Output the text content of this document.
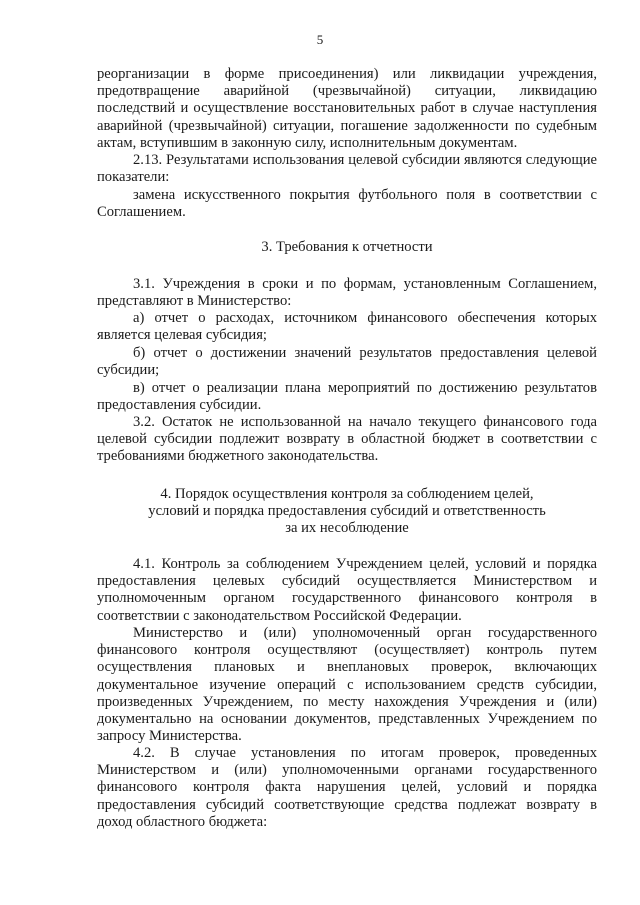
5

реорганизации в форме присоединения) или ликвидации учреждения, предотвращение аварийной (чрезвычайной) ситуации, ликвидацию последствий и осуществление восстановительных работ в случае наступления аварийной (чрезвычайной) ситуации, погашение задолженности по судебным актам, вступившим в законную силу, исполнительным документам.

2.13. Результатами использования целевой субсидии являются следующие показатели:

замена искусственного покрытия футбольного поля в соответствии с Соглашением.

3. Требования к отчетности

3.1. Учреждения в сроки и по формам, установленным Соглашением, представляют в Министерство:

а) отчет о расходах, источником финансового обеспечения которых является целевая субсидия;

б) отчет о достижении значений результатов предоставления целевой субсидии;

в) отчет о реализации плана мероприятий по достижению результатов предоставления субсидии.

3.2. Остаток не использованной на начало текущего финансового года целевой субсидии подлежит возврату в областной бюджет в соответствии с требованиями бюджетного законодательства.

4. Порядок осуществления контроля за соблюдением целей,

условий и порядка предоставления субсидий и ответственность

за их несоблюдение

4.1. Контроль за соблюдением Учреждением целей, условий и порядка предоставления целевых субсидий осуществляется Министерством и уполномоченным органом государственного финансового контроля в соответствии с законодательством Российской Федерации.

Министерство и (или) уполномоченный орган государственного финансового контроля осуществляют (осуществляет) контроль путем осуществления плановых и внеплановых проверок, включающих документальное изучение операций с использованием средств субсидии, произведенных Учреждением, по месту нахождения Учреждения и (или) документально на основании документов, представленных Учреждением по запросу Министерства.

4.2. В случае установления по итогам проверок, проведенных Министерством и (или) уполномоченными органами государственного финансового контроля факта нарушения целей, условий и порядка предоставления субсидий соответствующие средства подлежат возврату в доход областного бюджета:
